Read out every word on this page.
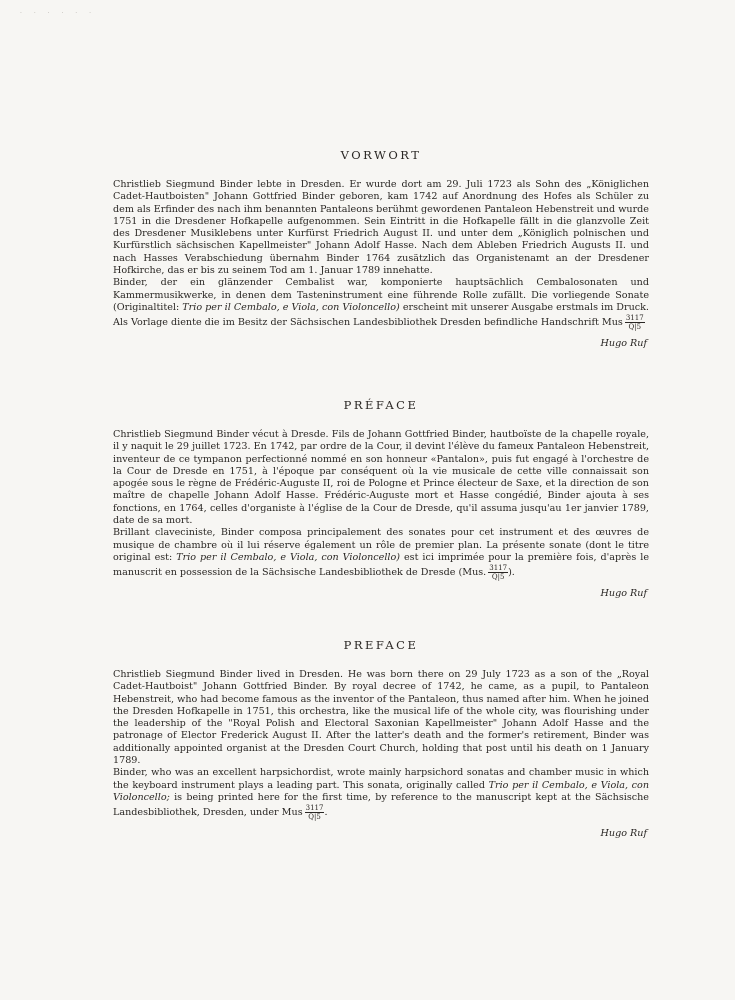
· · · · · ·
VORWORT

Christlieb Siegmund Binder lebte in Dresden. Er wurde dort am 29. Juli 1723 als Sohn des „Königlichen Cadet-Hautboisten" Johann Gottfried Binder geboren, kam 1742 auf Anordnung des Hofes als Schüler zu dem als Erfinder des nach ihm benannten Pantaleons berühmt gewordenen Pantaleon Hebenstreit und wurde 1751 in die Dresdener Hofkapelle aufgenommen. Sein Eintritt in die Hofkapelle fällt in die glanzvolle Zeit des Dresdener Musiklebens unter Kurfürst Friedrich August II. und unter dem „Königlich polnischen und Kurfürstlich sächsischen Kapellmeister" Johann Adolf Hasse. Nach dem Ableben Friedrich Augusts II. und nach Hasses Verabschiedung übernahm Binder 1764 zusätzlich das Organistenamt an der Dresdener Hofkirche, das er bis zu seinem Tod am 1. Januar 1789 innehatte.

Binder, der ein glänzender Cembalist war, komponierte hauptsächlich Cembalosonaten und Kammermusikwerke, in denen dem Tasteninstrument eine führende Rolle zufällt. Die vorliegende Sonate (Originaltitel: Trio per il Cembalo, e Viola, con Violoncello) erscheint mit unserer Ausgabe erstmals im Druck. Als Vorlage diente die im Besitz der Sächsischen Landesbibliothek Dresden befindliche Handschrift Mus $\frac{3117}{Q|5}$

Hugo Ruf
PRÉFACE

Christlieb Siegmund Binder vécut à Dresde. Fils de Johann Gottfried Binder, hautboïste de la chapelle royale, il y naquit le 29 juillet 1723. En 1742, par ordre de la Cour, il devint l'élève du fameux Pantaleon Hebenstreit, inventeur de ce tympanon perfectionné nommé en son honneur «Pantalon», puis fut engagé à l'orchestre de la Cour de Dresde en 1751, à l'époque par conséquent où la vie musicale de cette ville connaissait son apogée sous le règne de Frédéric-Auguste II, roi de Pologne et Prince électeur de Saxe, et la direction de son maître de chapelle Johann Adolf Hasse. Frédéric-Auguste mort et Hasse congédié, Binder ajouta à ses fonctions, en 1764, celles d'organiste à l'église de la Cour de Dresde, qu'il assuma jusqu'au 1er janvier 1789, date de sa mort.

Brillant claveciniste, Binder composa principalement des sonates pour cet instrument et des œuvres de musique de chambre où il lui réserve également un rôle de premier plan. La présente sonate (dont le titre original est: Trio per il Cembalo, e Viola, con Violoncello) est ici imprimée pour la première fois, d'après le manuscrit en possession de la Sächsische Landesbibliothek de Dresde (Mus. $\frac{3117}{Q|5}$ ).

Hugo Ruf
PREFACE

Christlieb Siegmund Binder lived in Dresden. He was born there on 29 July 1723 as a son of the „Royal Cadet-Hautboist" Johann Gottfried Binder. By royal decree of 1742, he came, as a pupil, to Pantaleon Hebenstreit, who had become famous as the inventor of the Pantaleon, thus named after him. When he joined the Dresden Hofkapelle in 1751, this orchestra, like the musical life of the whole city, was flourishing under the leadership of the "Royal Polish and Electoral Saxonian Kapellmeister" Johann Adolf Hasse and the patronage of Elector Frederick August II. After the latter's death and the former's retirement, Binder was additionally appointed organist at the Dresden Court Church, holding that post until his death on 1 January 1789.

Binder, who was an excellent harpsichordist, wrote mainly harpsichord sonatas and chamber music in which the keyboard instrument plays a leading part. This sonata, originally called Trio per il Cembalo, e Viola, con Violoncello; is being printed here for the first time, by reference to the manuscript kept at the Sächsische Landesbibliothek, Dresden, under Mus $\frac{3117}{Q|5}$ .

Hugo Ruf
